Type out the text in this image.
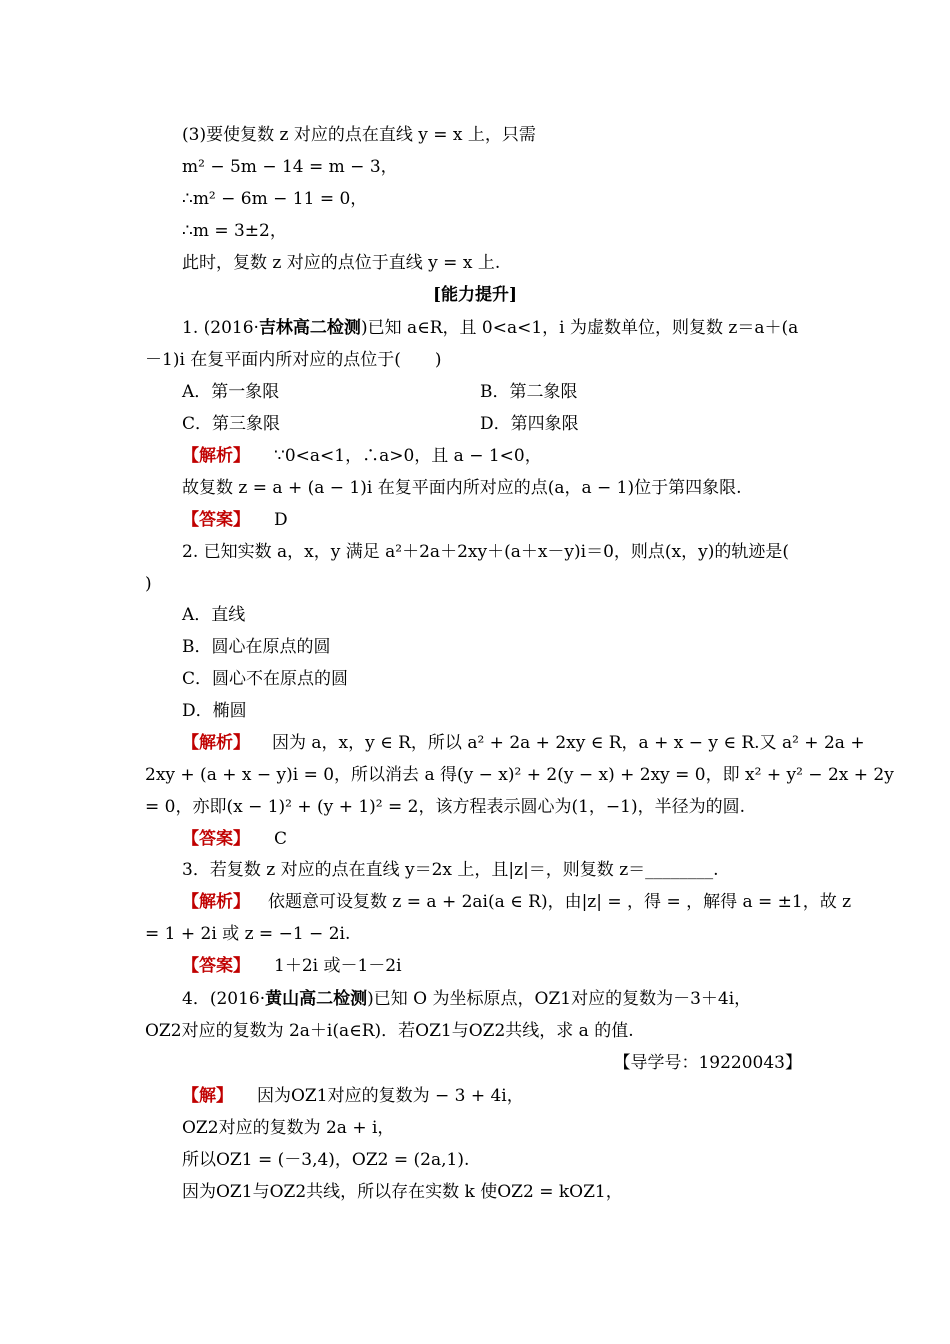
(3)要使复数 z 对应的点在直线 y = x 上，只需
m² − 5m − 14 = m − 3，
∴m² − 6m − 11 = 0，
∴m = 3±2，
此时，复数 z 对应的点位于直线 y = x 上.
[能力提升]
1. (2016·吉林高二检测)已知 a∈R，且 0<a<1，i 为虚数单位，则复数 z＝a＋(a
－1)i 在复平面内所对应的点位于(　　)
A．第一象限	B．第二象限
C．第三象限	D．第四象限
【解析】 ∵0<a<1，∴a>0，且 a − 1<0，
故复数 z = a + (a − 1)i 在复平面内所对应的点(a，a − 1)位于第四象限.
【答案】 D
2. 已知实数 a，x，y 满足 a²＋2a＋2xy＋(a＋x－y)i＝0，则点(x，y)的轨迹是(
)
A．直线
B．圆心在原点的圆
C．圆心不在原点的圆
D．椭圆
【解析】 因为 a，x，y ∈ R，所以 a² + 2a + 2xy ∈ R，a + x − y ∈ R.又 a² + 2a +
2xy + (a + x − y)i = 0，所以消去 a 得(y − x)² + 2(y − x) + 2xy = 0，即 x² + y² − 2x + 2y
= 0，亦即(x − 1)² + (y + 1)² = 2，该方程表示圆心为(1，−1)，半径为的圆.
【答案】 C
3．若复数 z 对应的点在直线 y＝2x 上，且|z|＝，则复数 z＝________.
【解析】 依题意可设复数 z = a + 2ai(a ∈ R)，由|z| = ，得 = ，解得 a = ±1，故 z
= 1 + 2i 或 z = −1 − 2i.
【答案】 1＋2i 或－1－2i
4．(2016·黄山高二检测)已知 O 为坐标原点，OZ1对应的复数为－3＋4i，
OZ2对应的复数为 2a＋i(a∈R)．若OZ1与OZ2共线，求 a 的值.
【导学号：19220043】
【解】 因为OZ1对应的复数为 − 3 + 4i，
OZ2对应的复数为 2a + i，
所以OZ1 = (－3,4)，OZ2 = (2a,1).
因为OZ1与OZ2共线，所以存在实数 k 使OZ2 = kOZ1，
